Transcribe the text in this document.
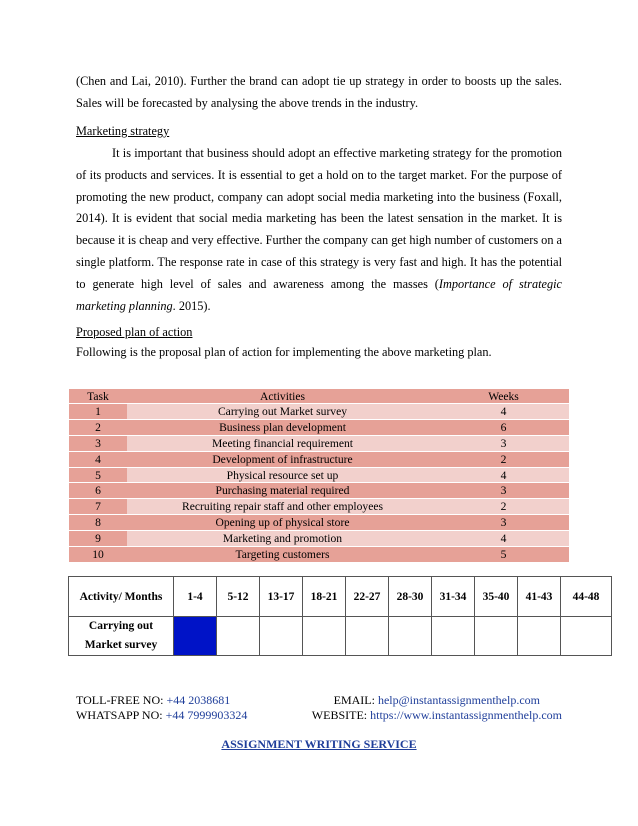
(Chen and Lai, 2010). Further the brand can adopt tie up strategy in order to boosts up the sales.

Sales will be forecasted by analysing the above trends in the industry.

Marketing strategy

It is important that business should adopt an effective marketing strategy for the promotion of its products and services. It is essential to get a hold on to the target market. For the purpose of promoting the new product, company can adopt social media marketing into the business (Foxall, 2014). It is evident that social media marketing has been the latest sensation in the market. It is because it is cheap and very effective. Further the company can get high number of customers on a single platform. The response rate in case of this strategy is very fast and high. It has the potential to generate high level of sales and awareness among the masses (Importance of strategic marketing planning. 2015).

Proposed plan of action
Following is the proposal plan of action for implementing the above marketing plan.
Task	Activities	Weeks
1	Carrying out Market survey	4
2	Business plan development	6
3	Meeting financial requirement	3
4	Development of infrastructure	2
5	Physical resource set up	4
6	Purchasing material required	3
7	Recruiting repair staff and other employees	2
8	Opening up of physical store	3
9	Marketing and promotion	4
10	Targeting customers	5
Activity/ Months	1-4	5-12	13-17	18-21	22-27	28-30	31-34	35-40	41-43	44-48

Carrying out
Market survey										

TOLL-FREE NO: +44 2038681	EMAIL: help@instantassignmenthelp.com
WHATSAPP NO: +44 7999903324	WEBSITE: https://www.instantassignmenthelp.com
ASSIGNMENT WRITING SERVICE
